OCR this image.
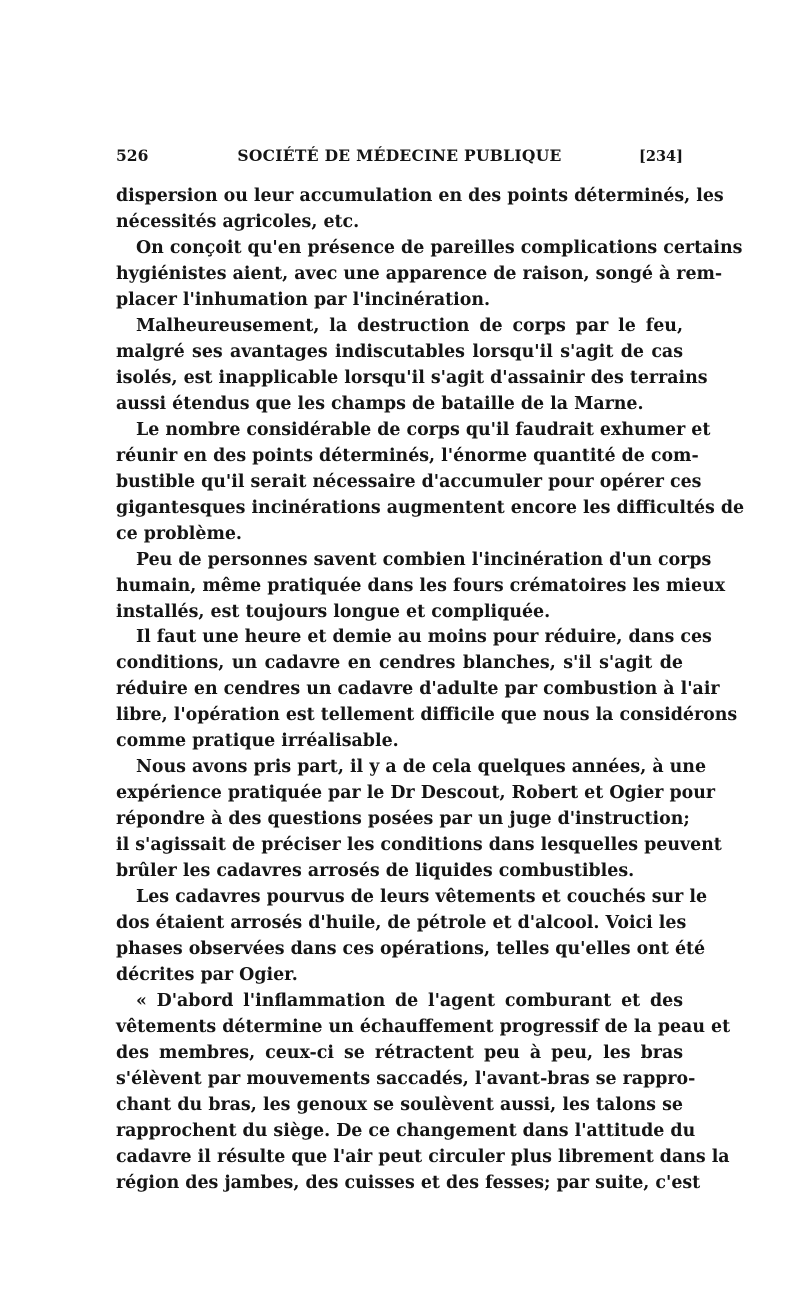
526	SOCIÉTÉ DE MÉDECINE PUBLIQUE	[234]
dispersion ou leur accumulation en des points déterminés, les
nécessités agricoles, etc.
On conçoit qu'en présence de pareilles complications certains
hygiénistes aient, avec une apparence de raison, songé à rem-
placer l'inhumation par l'incinération.
Malheureusement, la destruction de corps par le feu,
malgré ses avantages indiscutables lorsqu'il s'agit de cas
isolés, est inapplicable lorsqu'il s'agit d'assainir des terrains
aussi étendus que les champs de bataille de la Marne.
Le nombre considérable de corps qu'il faudrait exhumer et
réunir en des points déterminés, l'énorme quantité de com-
bustible qu'il serait nécessaire d'accumuler pour opérer ces
gigantesques incinérations augmentent encore les difficultés de
ce problème.
Peu de personnes savent combien l'incinération d'un corps
humain, même pratiquée dans les fours crématoires les mieux
installés, est toujours longue et compliquée.
Il faut une heure et demie au moins pour réduire, dans ces
conditions, un cadavre en cendres blanches, s'il s'agit de
réduire en cendres un cadavre d'adulte par combustion à l'air
libre, l'opération est tellement difficile que nous la considérons
comme pratique irréalisable.
Nous avons pris part, il y a de cela quelques années, à une
expérience pratiquée par le Dr Descout, Robert et Ogier pour
répondre à des questions posées par un juge d'instruction;
il s'agissait de préciser les conditions dans lesquelles peuvent
brûler les cadavres arrosés de liquides combustibles.
Les cadavres pourvus de leurs vêtements et couchés sur le
dos étaient arrosés d'huile, de pétrole et d'alcool. Voici les
phases observées dans ces opérations, telles qu'elles ont été
décrites par Ogier.
« D'abord l'inflammation de l'agent comburant et des
vêtements détermine un échauffement progressif de la peau et
des membres, ceux-ci se rétractent peu à peu, les bras
s'élèvent par mouvements saccadés, l'avant-bras se rappro-
chant du bras, les genoux se soulèvent aussi, les talons se
rapprochent du siège. De ce changement dans l'attitude du
cadavre il résulte que l'air peut circuler plus librement dans la
région des jambes, des cuisses et des fesses; par suite, c'est
